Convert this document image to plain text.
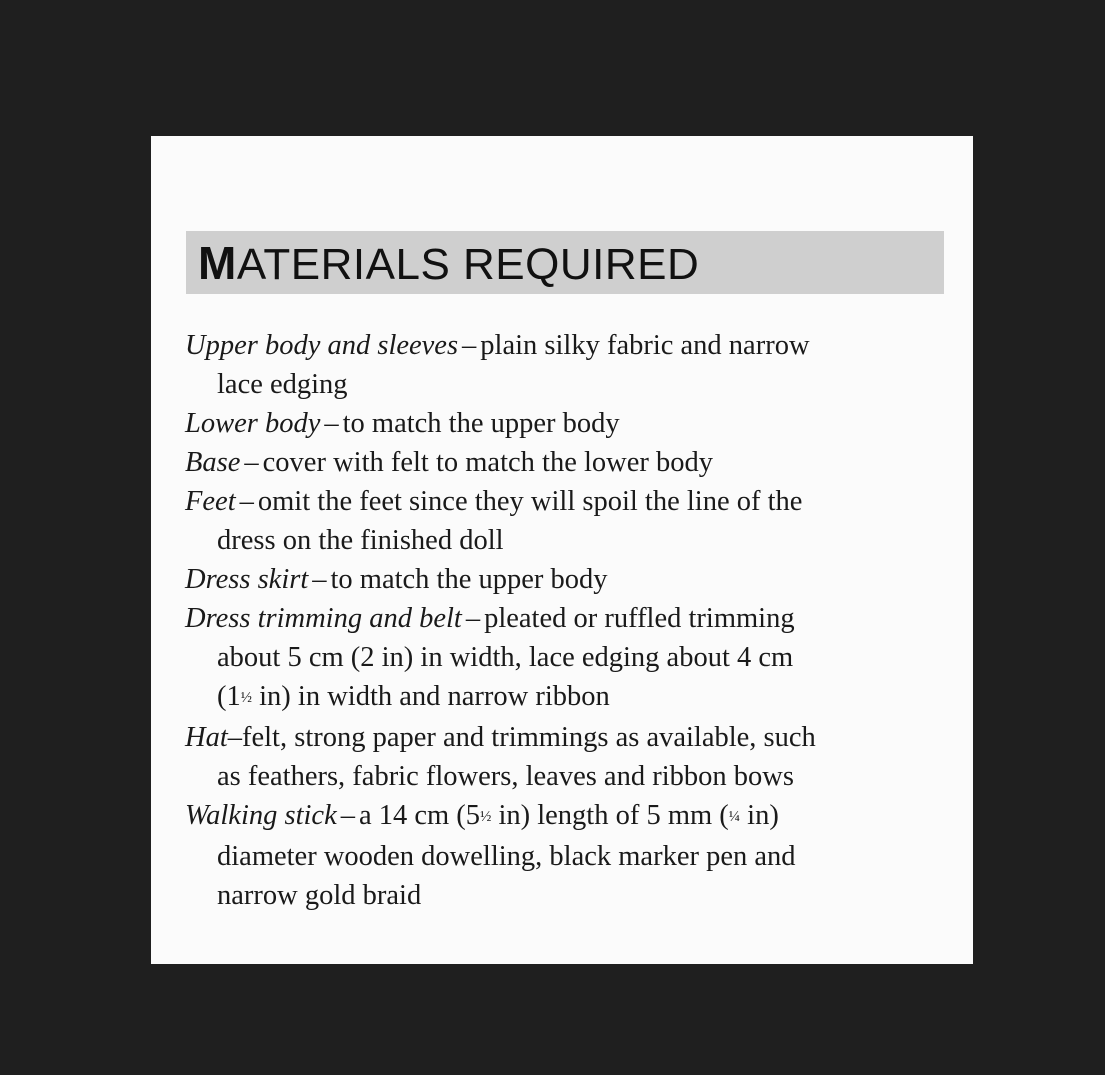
MATERIALS REQUIRED
Upper body and sleeves – plain silky fabric and narrow
lace edging
Lower body – to match the upper body
Base – cover with felt to match the lower body
Feet – omit the feet since they will spoil the line of the
dress on the finished doll
Dress skirt – to match the upper body
Dress trimming and belt – pleated or ruffled trimming
about 5 cm (2 in) in width, lace edging about 4 cm
(1½ in) in width and narrow ribbon
Hat–felt, strong paper and trimmings as available, such
as feathers, fabric flowers, leaves and ribbon bows
Walking stick – a 14 cm (5½ in) length of 5 mm (¼ in)
diameter wooden dowelling, black marker pen and
narrow gold braid
